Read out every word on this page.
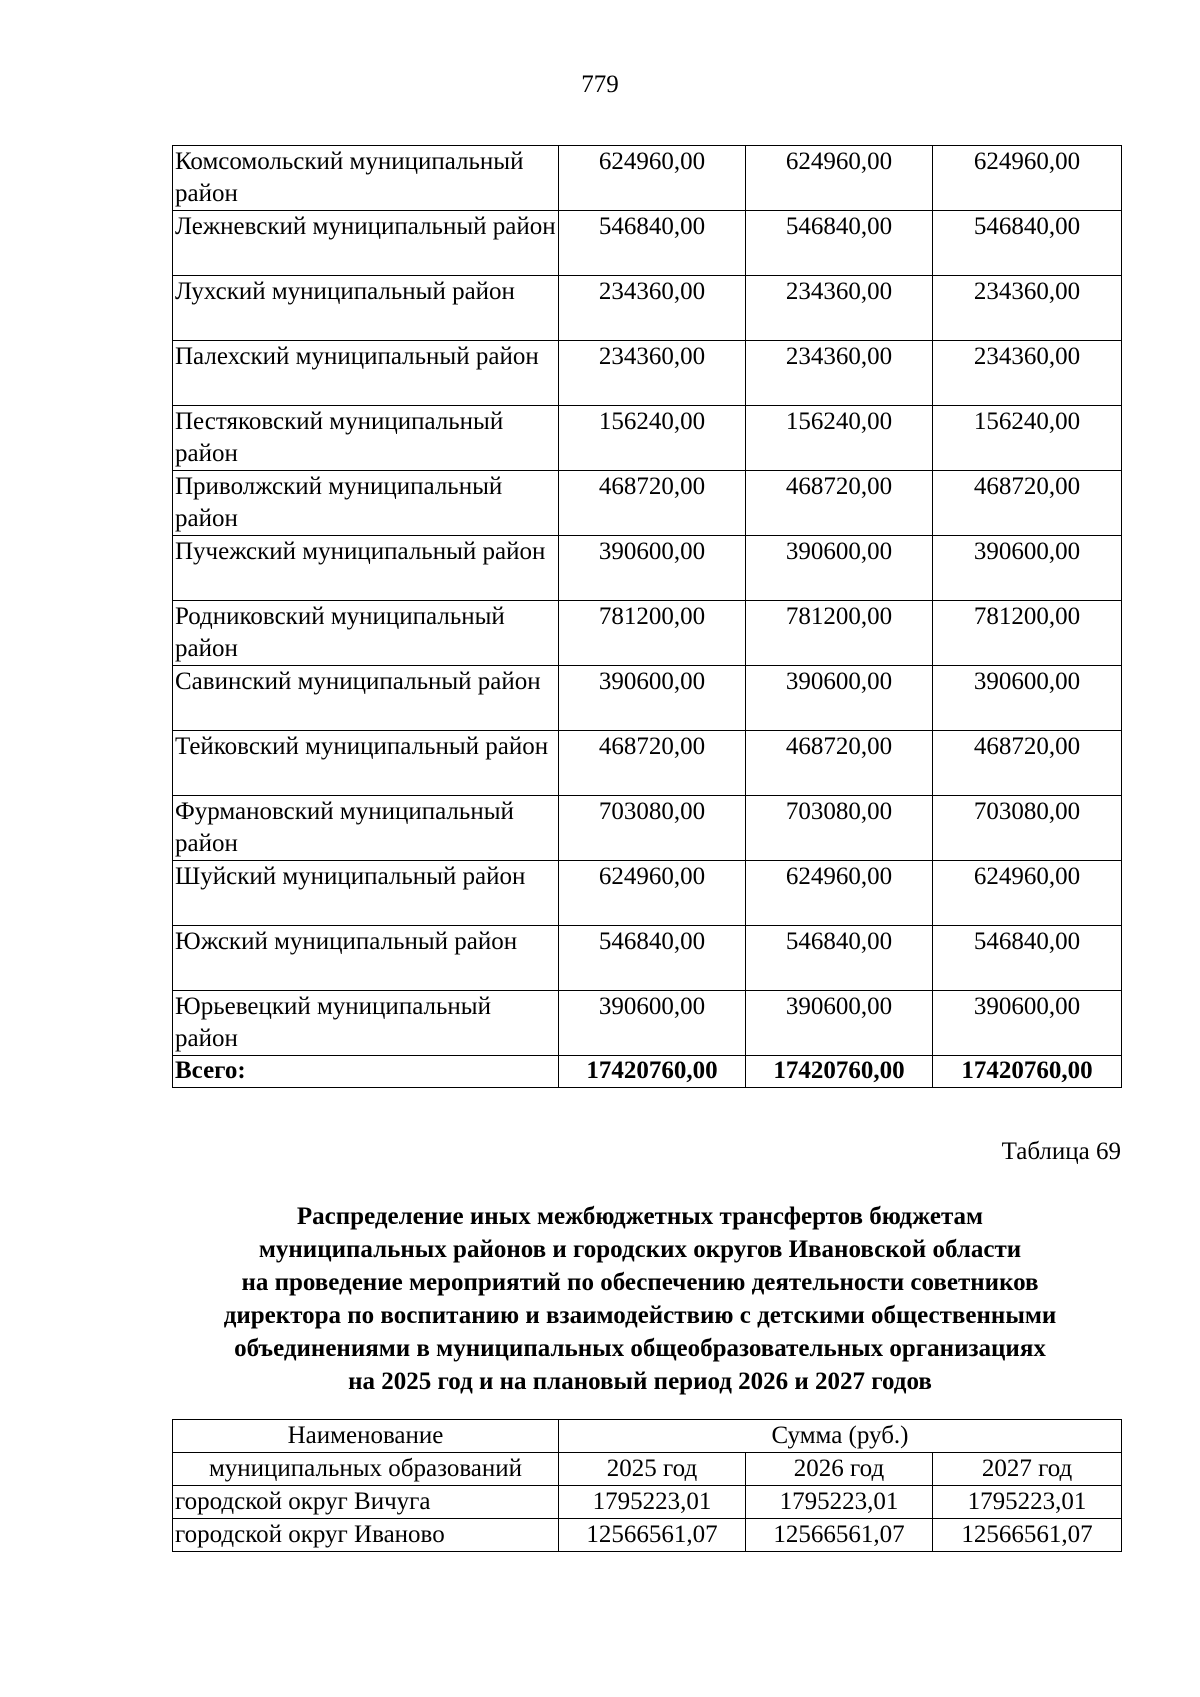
779
Комсомольский муниципальный район	624960,00	624960,00	624960,00
Лежневский муниципальный район	546840,00	546840,00	546840,00
Лухский муниципальный район	234360,00	234360,00	234360,00
Палехский муниципальный район	234360,00	234360,00	234360,00
Пестяковский муниципальный район	156240,00	156240,00	156240,00
Приволжский муниципальный район	468720,00	468720,00	468720,00
Пучежский муниципальный район	390600,00	390600,00	390600,00
Родниковский муниципальный район	781200,00	781200,00	781200,00
Савинский муниципальный район	390600,00	390600,00	390600,00
Тейковский муниципальный район	468720,00	468720,00	468720,00
Фурмановский муниципальный район	703080,00	703080,00	703080,00
Шуйский муниципальный район	624960,00	624960,00	624960,00
Южский муниципальный район	546840,00	546840,00	546840,00
Юрьевецкий муниципальный район	390600,00	390600,00	390600,00
Всего:	17420760,00	17420760,00	17420760,00
Таблица 69
Распределение иных межбюджетных трансфертов бюджетам
муниципальных районов и городских округов Ивановской области
на проведение мероприятий по обеспечению деятельности советников
директора по воспитанию и взаимодействию с детскими общественными
объединениями в муниципальных общеобразовательных организациях
на 2025 год и на плановый период 2026 и 2027 годов
Наименование	Сумма (руб.)		
муниципальных образований	2025 год	2026 год	2027 год
городской округ Вичуга	1795223,01	1795223,01	1795223,01
городской округ Иваново	12566561,07	12566561,07	12566561,07
